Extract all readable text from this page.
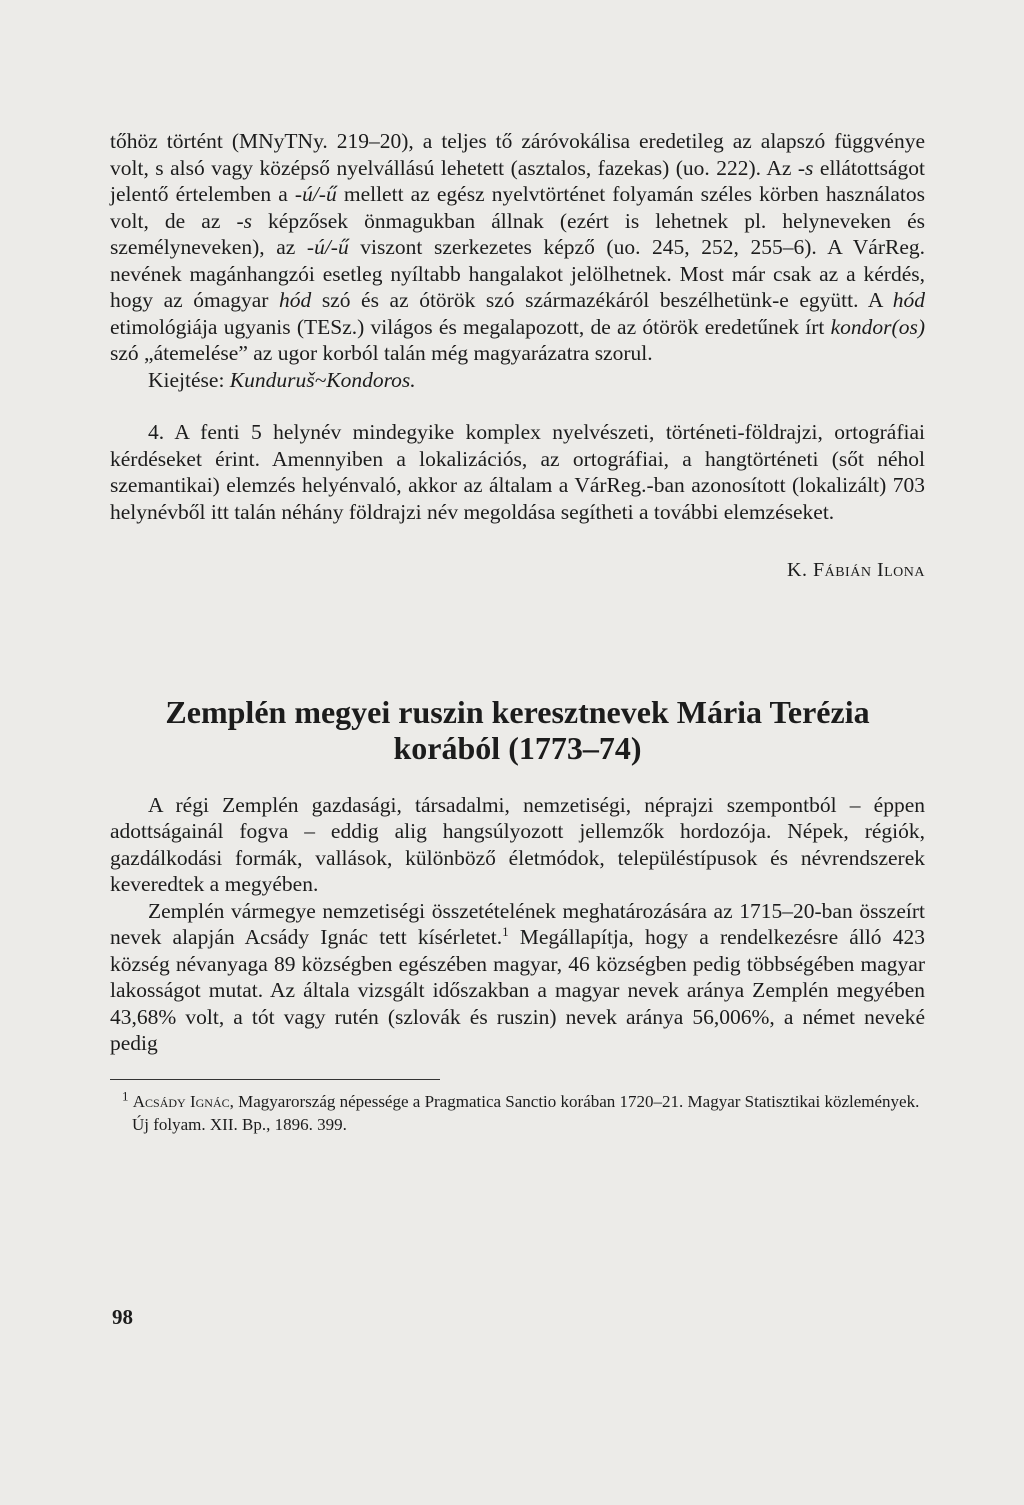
tőhöz történt (MNyTNy. 219–20), a teljes tő záróvokálisa eredetileg az alapszó függvénye volt, s alsó vagy középső nyelvállású lehetett (asztalos, fazekas) (uo. 222). Az -s ellátottságot jelentő értelemben a -ú/-ű mellett az egész nyelvtörténet folyamán széles körben használatos volt, de az -s képzősek önmagukban állnak (ezért is lehetnek pl. helyneveken és személyneveken), az -ú/-ű viszont szerkezetes képző (uo. 245, 252, 255–6). A VárReg. nevének magánhangzói esetleg nyíltabb hangalakot jelölhetnek. Most már csak az a kérdés, hogy az ómagyar hód szó és az ótörök szó származékáról beszélhetünk-e együtt. A hód etimológiája ugyanis (TESz.) világos és megalapozott, de az ótörök eredetűnek írt kondor(os) szó „átemelése” az ugor korból talán még magyarázatra szorul.

Kiejtése: Kunduruš~Kondoros.

4. A fenti 5 helynév mindegyike komplex nyelvészeti, történeti-földrajzi, ortográfiai kérdéseket érint. Amennyiben a lokalizációs, az ortográfiai, a hangtörténeti (sőt néhol szemantikai) elemzés helyénvaló, akkor az általam a VárReg.-ban azonosított (lokalizált) 703 helynévből itt talán néhány földrajzi név megoldása segítheti a további elemzéseket.

K. Fábián Ilona

Zemplén megyei ruszin keresztnevek Mária Terézia korából (1773–74)

A régi Zemplén gazdasági, társadalmi, nemzetiségi, néprajzi szempontból – éppen adottságainál fogva – eddig alig hangsúlyozott jellemzők hordozója. Népek, régiók, gazdálkodási formák, vallások, különböző életmódok, településtípusok és névrendszerek keveredtek a megyében.

Zemplén vármegye nemzetiségi összetételének meghatározására az 1715–20-ban összeírt nevek alapján Acsády Ignác tett kísérletet.$^1$ Megállapítja, hogy a rendelkezésre álló 423 község névanyaga 89 községben egészében magyar, 46 községben pedig többségében magyar lakosságot mutat. Az általa vizsgált időszakban a magyar nevek aránya Zemplén megyében 43,68% volt, a tót vagy rutén (szlovák és ruszin) nevek aránya 56,006%, a német neveké pedig

$^1$ Acsády Ignác, Magyarország népessége a Pragmatica Sanctio korában 1720–21. Magyar Statisztikai közlemények. Új folyam. XII. Bp., 1896. 399.
98
